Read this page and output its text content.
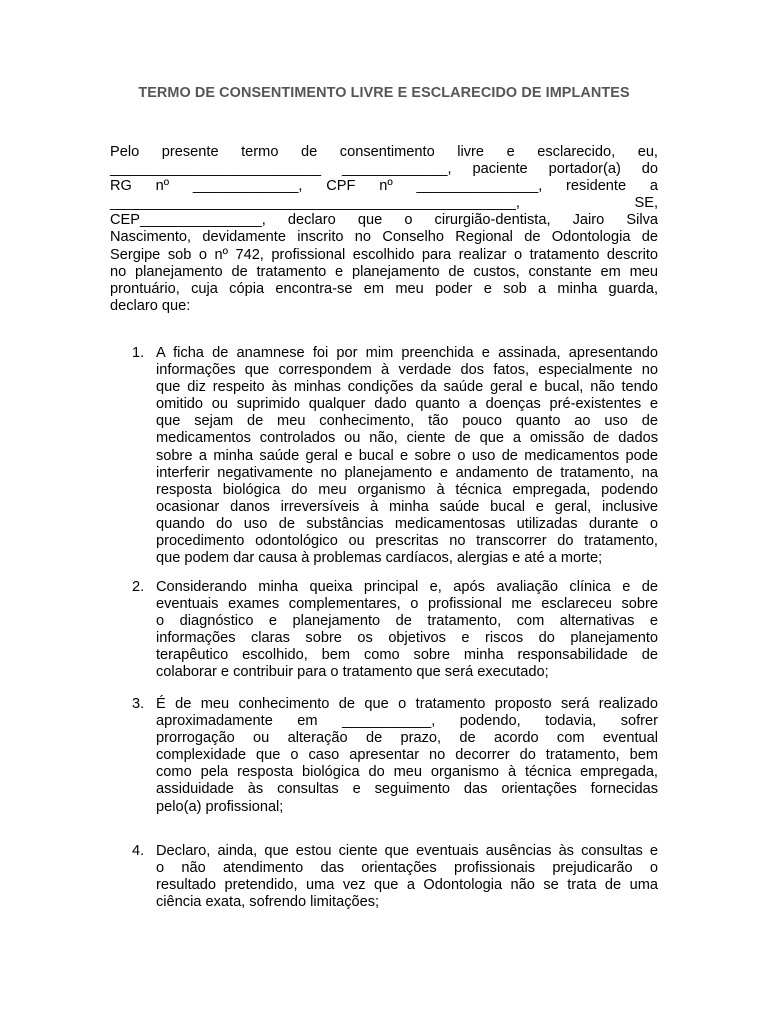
TERMO DE CONSENTIMENTO LIVRE E ESCLARECIDO DE IMPLANTES

Pelo presente termo de consentimento livre e esclarecido, eu,
__________________________ _____________, paciente portador(a) do
RG nº _____________, CPF nº _______________, residente a
__________________________________________________, SE,
CEP_______________, declaro que o cirurgião-dentista, Jairo Silva
Nascimento, devidamente inscrito no Conselho Regional de Odontologia de
Sergipe sob o nº 742, profissional escolhido para realizar o tratamento descrito
no planejamento de tratamento e planejamento de custos, constante em meu
prontuário, cuja cópia encontra-se em meu poder e sob a minha guarda,
declaro que:

1. A ficha de anamnese foi por mim preenchida e assinada, apresentando
informações que correspondem à verdade dos fatos, especialmente no
que diz respeito às minhas condições da saúde geral e bucal, não tendo
omitido ou suprimido qualquer dado quanto a doenças pré-existentes e
que sejam de meu conhecimento, tão pouco quanto ao uso de
medicamentos controlados ou não, ciente de que a omissão de dados
sobre a minha saúde geral e bucal e sobre o uso de medicamentos pode
interferir negativamente no planejamento e andamento de tratamento, na
resposta biológica do meu organismo à técnica empregada, podendo
ocasionar danos irreversíveis à minha saúde bucal e geral, inclusive
quando do uso de substâncias medicamentosas utilizadas durante o
procedimento odontológico ou prescritas no transcorrer do tratamento,
que podem dar causa à problemas cardíacos, alergias e até a morte;
2. Considerando minha queixa principal e, após avaliação clínica e de
eventuais exames complementares, o profissional me esclareceu sobre
o diagnóstico e planejamento de tratamento, com alternativas e
informações claras sobre os objetivos e riscos do planejamento
terapêutico escolhido, bem como sobre minha responsabilidade de
colaborar e contribuir para o tratamento que será executado;
3. É de meu conhecimento de que o tratamento proposto será realizado
aproximadamente em ___________, podendo, todavia, sofrer
prorrogação ou alteração de prazo, de acordo com eventual
complexidade que o caso apresentar no decorrer do tratamento, bem
como pela resposta biológica do meu organismo à técnica empregada,
assiduidade às consultas e seguimento das orientações fornecidas
pelo(a) profissional;
4. Declaro, ainda, que estou ciente que eventuais ausências às consultas e
o não atendimento das orientações profissionais prejudicarão o
resultado pretendido, uma vez que a Odontologia não se trata de uma
ciência exata, sofrendo limitações;
